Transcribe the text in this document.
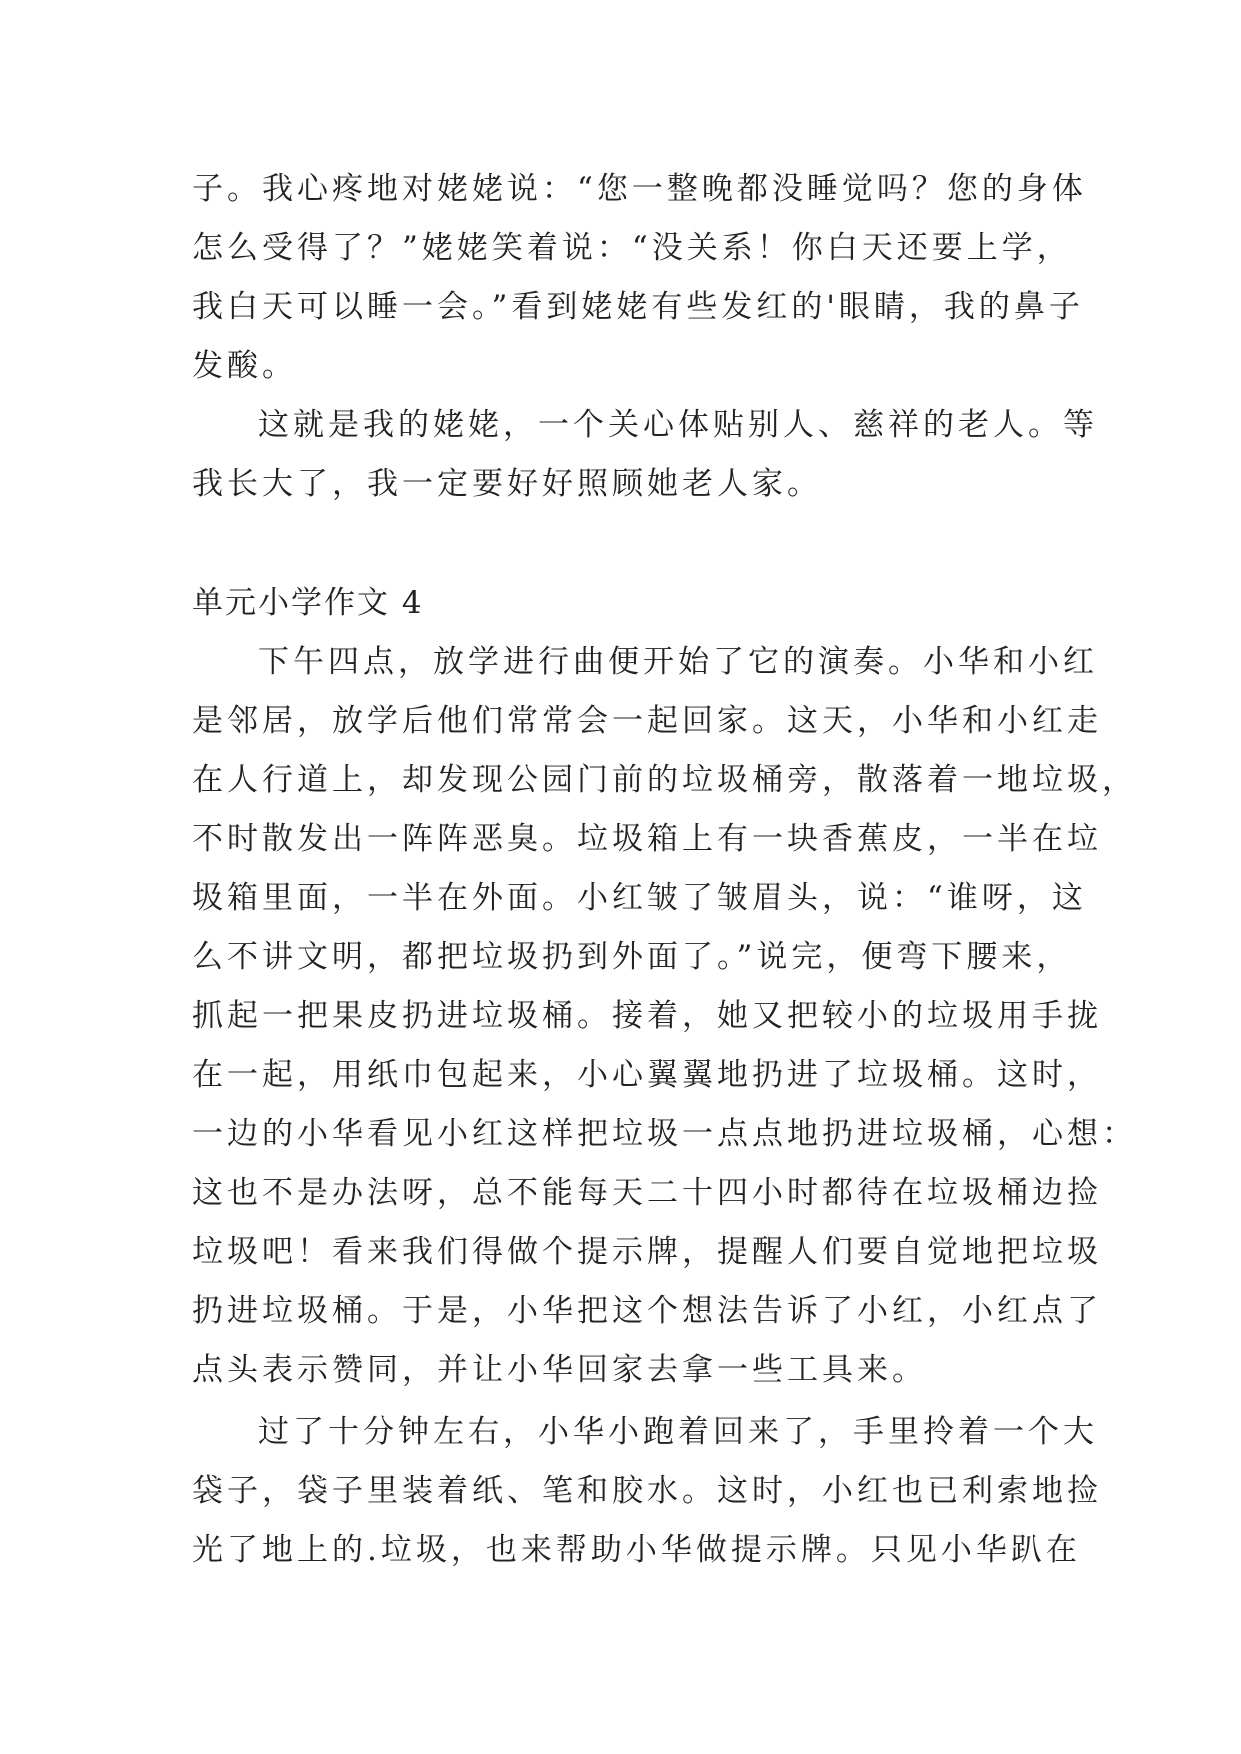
子。我心疼地对姥姥说：“您一整晚都没睡觉吗？您的身体
怎么受得了？”姥姥笑着说：“没关系！你白天还要上学，
我白天可以睡一会。”看到姥姥有些发红的'眼睛，我的鼻子
发酸。
这就是我的姥姥，一个关心体贴别人、慈祥的老人。等
我长大了，我一定要好好照顾她老人家。
单元小学作文 4
下午四点，放学进行曲便开始了它的演奏。小华和小红
是邻居，放学后他们常常会一起回家。这天，小华和小红走
在人行道上，却发现公园门前的垃圾桶旁，散落着一地垃圾，
不时散发出一阵阵恶臭。垃圾箱上有一块香蕉皮，一半在垃
圾箱里面，一半在外面。小红皱了皱眉头，说：“谁呀，这
么不讲文明，都把垃圾扔到外面了。”说完，便弯下腰来，
抓起一把果皮扔进垃圾桶。接着，她又把较小的垃圾用手拢
在一起，用纸巾包起来，小心翼翼地扔进了垃圾桶。这时，
一边的小华看见小红这样把垃圾一点点地扔进垃圾桶，心想：
这也不是办法呀，总不能每天二十四小时都待在垃圾桶边捡
垃圾吧！看来我们得做个提示牌，提醒人们要自觉地把垃圾
扔进垃圾桶。于是，小华把这个想法告诉了小红，小红点了
点头表示赞同，并让小华回家去拿一些工具来。
过了十分钟左右，小华小跑着回来了，手里拎着一个大
袋子，袋子里装着纸、笔和胶水。这时，小红也已利索地捡
光了地上的.垃圾，也来帮助小华做提示牌。只见小华趴在
